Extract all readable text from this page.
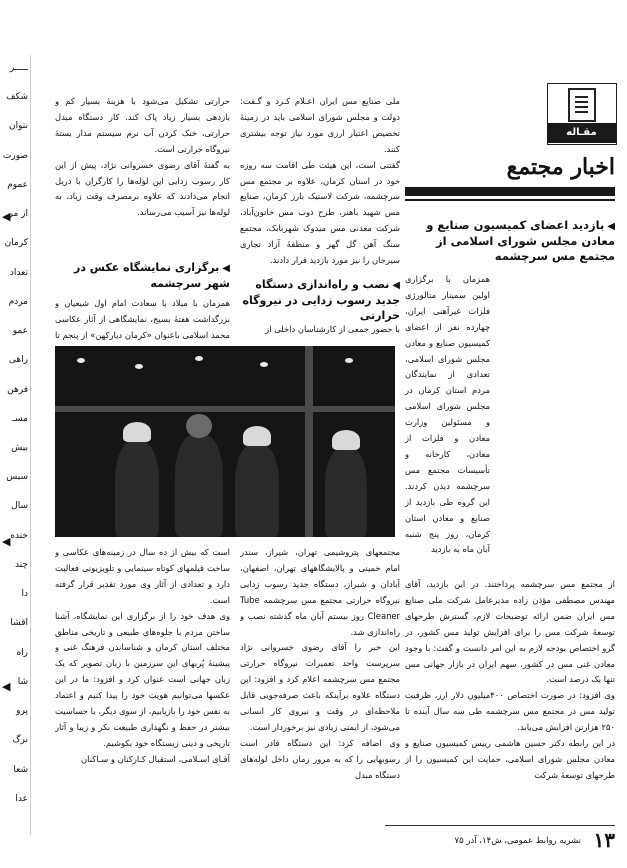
ـــــر
شکف
نتوان
صورت
عموم
از مر
کرمان
تعداد
مردم
عمو
راهی
فرهن
مسـ
بیش
سیس
سال
خنده
چند
دا
اقشا
راه
شا
پرو
برگ
شعا
عدا
◀
◀
◀
مقـاله
اخبار مجتمع
◀بازدید اعضای کمیسیون صنایع و معادن مجلس شورای اسلامی از مجتمع مس سرچشمه

همزمان با برگزاری اولین سمینار متالورژی فلزات غیرآهنی ایران، چهارده نفر از اعضای کمیسیون صنایع و معادن مجلس شورای اسلامی، تعدادی از نمایندگان مردم استان کرمان در مجلس شورای اسلامی و مسئولین وزارت معادن و فلزات از معادن، کارخانه و تأسیسات مجتمع مس سرچشمه دیدن کردند. این گروه طی بازدید از صنایع و معادن استان کرمان، روز پنج شنبه آبان ماه به بازدید

از مجتمع مس سرچشمه پرداختند. در این بازدید، آقای مهندس مصطفی مؤذن زاده مدیرعامل شرکت ملی صنایع مس ایران ضمن ارائه توضیحات لازم، گسترش طرحهای توسعهٔ شرکت مس را برای افزایش تولید مس کشور، در گرو اختصاص بودجه لازم به این امر دانست و گفت: با وجود معادن غنی مس در کشور، سهم ایران در بازار جهانی مس تنها یک درصد است.

وی افزود: در صورت اختصاص ۴۰۰میلیون دلار ارز، ظرفیت تولید مس در مجتمع مس سرچشمه طی سه سال آینده تا ۲۵۰ هزارتن افزایش می‌یابد.

در این رابطه دکتر حسین هاشمی رییس کمیسیون صنایع و معادن مجلس شورای اسلامی، حمایت این کمیسیون را از طرحهای توسعهٔ شرکت

ملی صنایع مس ایران اعـلام کـرد و گـفت: دولت و مجلس شورای اسلامی باید در زمینهٔ تخصیص اعتبار ارزی مورد نیاز توجه بیشتری کنند.

گفتنی است، این هیئت طی اقامت سه روزه خود در استان کرمان، علاوه بر مجتمع مس سرچشمه، شرکت لاستیک بارز کرمان، صنایع مس شهید باهنر، طرح ذوب مس خاتون‌آباد، شرکت معدنی مس میدوک شهربابک، مجتمع سنگ آهن گل گهر و منطقهٔ آزاد تجاری سیرجان را نیز مورد بازدید قرار دادند.

◀نصب و راه‌اندازی دستگاه جدید رسوب زدایی در نیروگاه حرارتی

با حضور جمعی از کارشناسان داخلی از

مجتمعهای پتروشیمی تهران، شیراز، سندر امام خمینی و پالایشگاههای تهران، اصفهان، آبادان و شیراز، دستگاه جدید رسوب زدایی نیروگاه حرارتی مجتمع مس سرچشمه Tube Cleaner روز بیستم آبان ماه گذشته نصب و راه‌اندازی شد.

این خبر را آقای رضوی خسروانی نژاد سرپرست واحد تعمیرات نیروگاه حرارتی مجتمع مس سرچشمه اعلام کرد و افزود: این دستگاه علاوه برآینکه باعث صرفه‌جویی قابل ملاحظه‌ای در وقت و نیروی کار انسانی می‌شود، از ایمنی زیادی نیز برخوردار است.

وی اضافه کرد: این دستگاه قادر است رسوبهایی را که به مرور زمان داخل لوله‌های دستگاه مبدل

حرارتی تشکیل می‌شود با هزینهٔ بسیار کم و بازدهی بسیار زیاد پاک کند. کار دستگاه مبدل حرارتی، خنک کردن آب نرم سیستم مدار بستهٔ نیروگاه حرارتی است.

به گفتهٔ آقای رضوی خسروانی نژاد، پیش از این کار رسوب زدایی این لوله‌ها را کارگران با دریل انجام می‌دادند که علاوه برمصرف وقت زیاد، به لوله‌ها نیز آسیب می‌رساند.

◀برگزاری نمایشگاه عکس در شهر سرچشمه

همزمان با میلاد با سعادت امام اول شیعیان و بزرگداشت هفتهٔ بسیج، نمایشگاهی از آثار عکاسی محمد اسلامی باعنوان «کرمان دیارکهن» از پنجم تا

است که بیش از ده سال در زمینه‌های عکاسی و ساخت فیلمهای کوتاه سینمایی و تلویزیونی فعالیت دارد و تعدادی از آثار وی مورد تقدیر قرار گرفته است.

وی هدف خود را از برگزاری این نمایشگاه، آشنا ساختن مردم با جلوه‌های طبیعی و تاریخی مناطق مختلف استان کرمان و شناساندن فرهنگ غنی و پیشینهٔ پُربهای این سرزمین با زبان تصویر که یک زبان جهانی است عنوان کرد و افزود: ما در این عکسها می‌توانیم هویت خود را پیدا کنیم و اعتماد به نفس خود را بازیابیم، از سوی دیگر، با حساسیت بیشتر در حفظ و نگهداری طبیعت بکر و زیبا و آثار تاریخی و دینی زیستگاه خود بکوشیم.

آقـای اسـلامی، استقبال کـارکنان و سـاکنان

۱۳
نشریه روابط عمومی، ش۱۴، آذر ۷۵
